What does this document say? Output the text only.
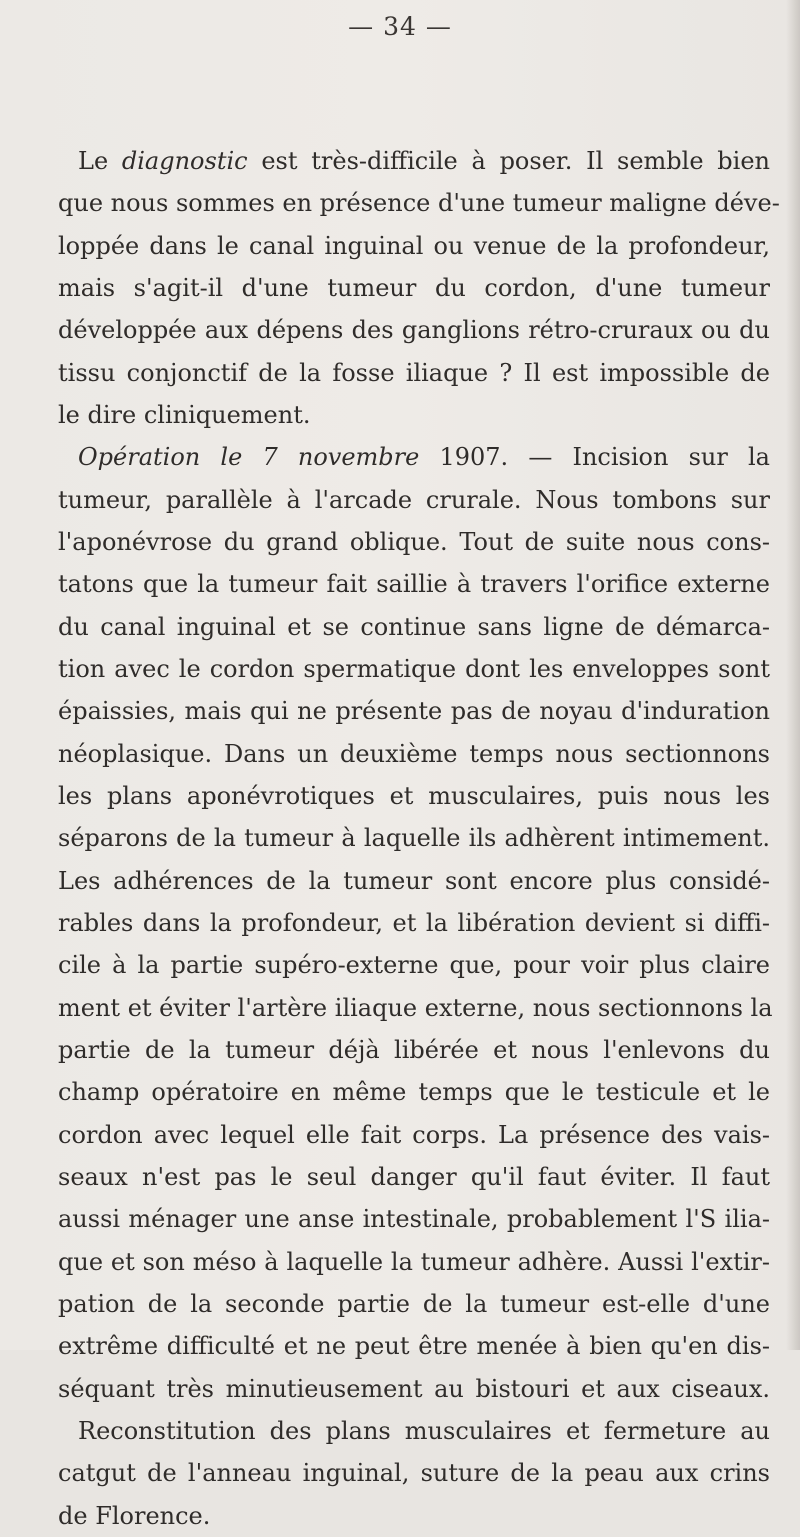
— 34 —
Le diagnostic est très-difficile à poser. Il semble bien
que nous sommes en présence d'une tumeur maligne déve-
loppée dans le canal inguinal ou venue de la profondeur,
mais s'agit-il d'une tumeur du cordon, d'une tumeur
développée aux dépens des ganglions rétro-cruraux ou du
tissu conjonctif de la fosse iliaque ? Il est impossible de
le dire cliniquement.
Opération le 7 novembre 1907. — Incision sur la
tumeur, parallèle à l'arcade crurale. Nous tombons sur
l'aponévrose du grand oblique. Tout de suite nous cons-
tatons que la tumeur fait saillie à travers l'orifice externe
du canal inguinal et se continue sans ligne de démarca-
tion avec le cordon spermatique dont les enveloppes sont
épaissies, mais qui ne présente pas de noyau d'induration
néoplasique. Dans un deuxième temps nous sectionnons
les plans aponévrotiques et musculaires, puis nous les
séparons de la tumeur à laquelle ils adhèrent intimement.
Les adhérences de la tumeur sont encore plus considé-
rables dans la profondeur, et la libération devient si diffi-
cile à la partie supéro-externe que, pour voir plus claire
ment et éviter l'artère iliaque externe, nous sectionnons la
partie de la tumeur déjà libérée et nous l'enlevons du
champ opératoire en même temps que le testicule et le
cordon avec lequel elle fait corps. La présence des vais-
seaux n'est pas le seul danger qu'il faut éviter. Il faut
aussi ménager une anse intestinale, probablement l'S ilia-
que et son méso à laquelle la tumeur adhère. Aussi l'extir-
pation de la seconde partie de la tumeur est-elle d'une
extrême difficulté et ne peut être menée à bien qu'en dis-
séquant très minutieusement au bistouri et aux ciseaux.
Reconstitution des plans musculaires et fermeture au
catgut de l'anneau inguinal, suture de la peau aux crins
de Florence.
